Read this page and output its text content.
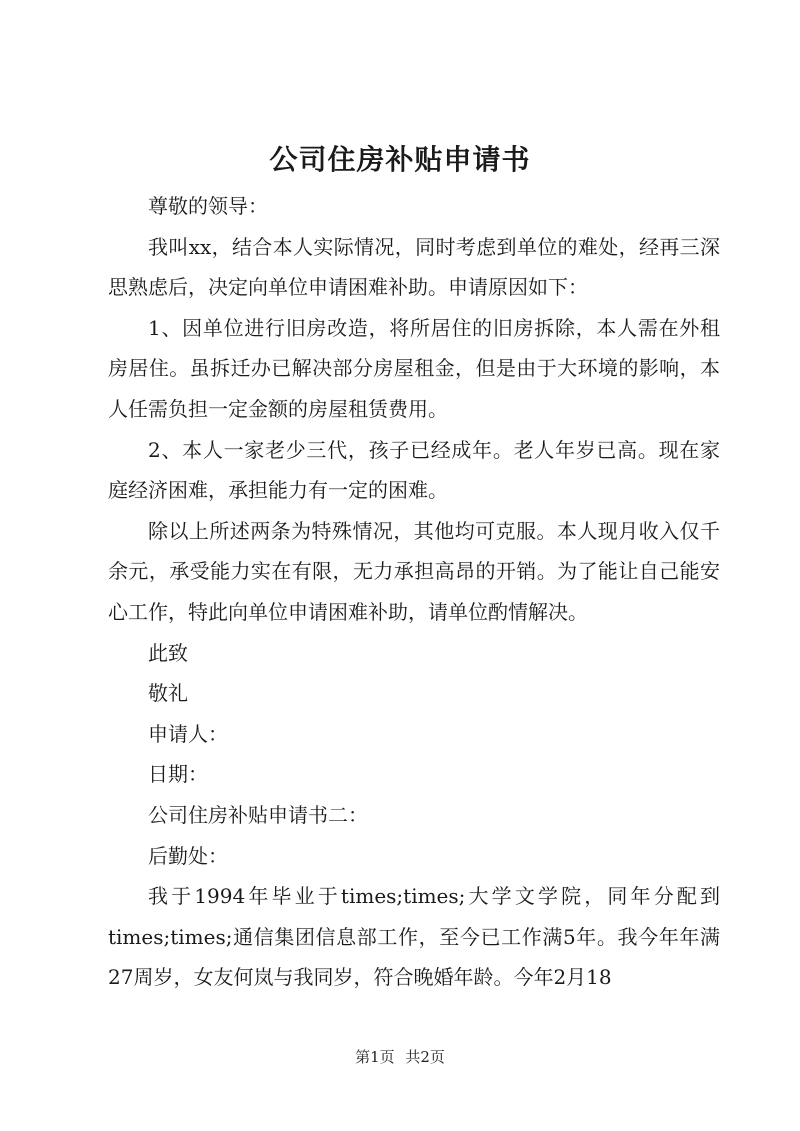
公司住房补贴申请书

尊敬的领导：

我叫xx，结合本人实际情况，同时考虑到单位的难处，经再三深思熟虑后，决定向单位申请困难补助。申请原因如下：

1、因单位进行旧房改造，将所居住的旧房拆除，本人需在外租房居住。虽拆迁办已解决部分房屋租金，但是由于大环境的影响，本人任需负担一定金额的房屋租赁费用。

2、本人一家老少三代，孩子已经成年。老人年岁已高。现在家庭经济困难，承担能力有一定的困难。

除以上所述两条为特殊情况，其他均可克服。本人现月收入仅千余元，承受能力实在有限，无力承担高昂的开销。为了能让自己能安心工作，特此向单位申请困难补助，请单位酌情解决。

此致

敬礼

申请人：

日期：

公司住房补贴申请书二：

后勤处：

我于1994年毕业于times;times;大学文学院，同年分配到times;times;通信集团信息部工作，至今已工作满5年。我今年年满27周岁，女友何岚与我同岁，符合晚婚年龄。今年2月18

第1页 共2页
